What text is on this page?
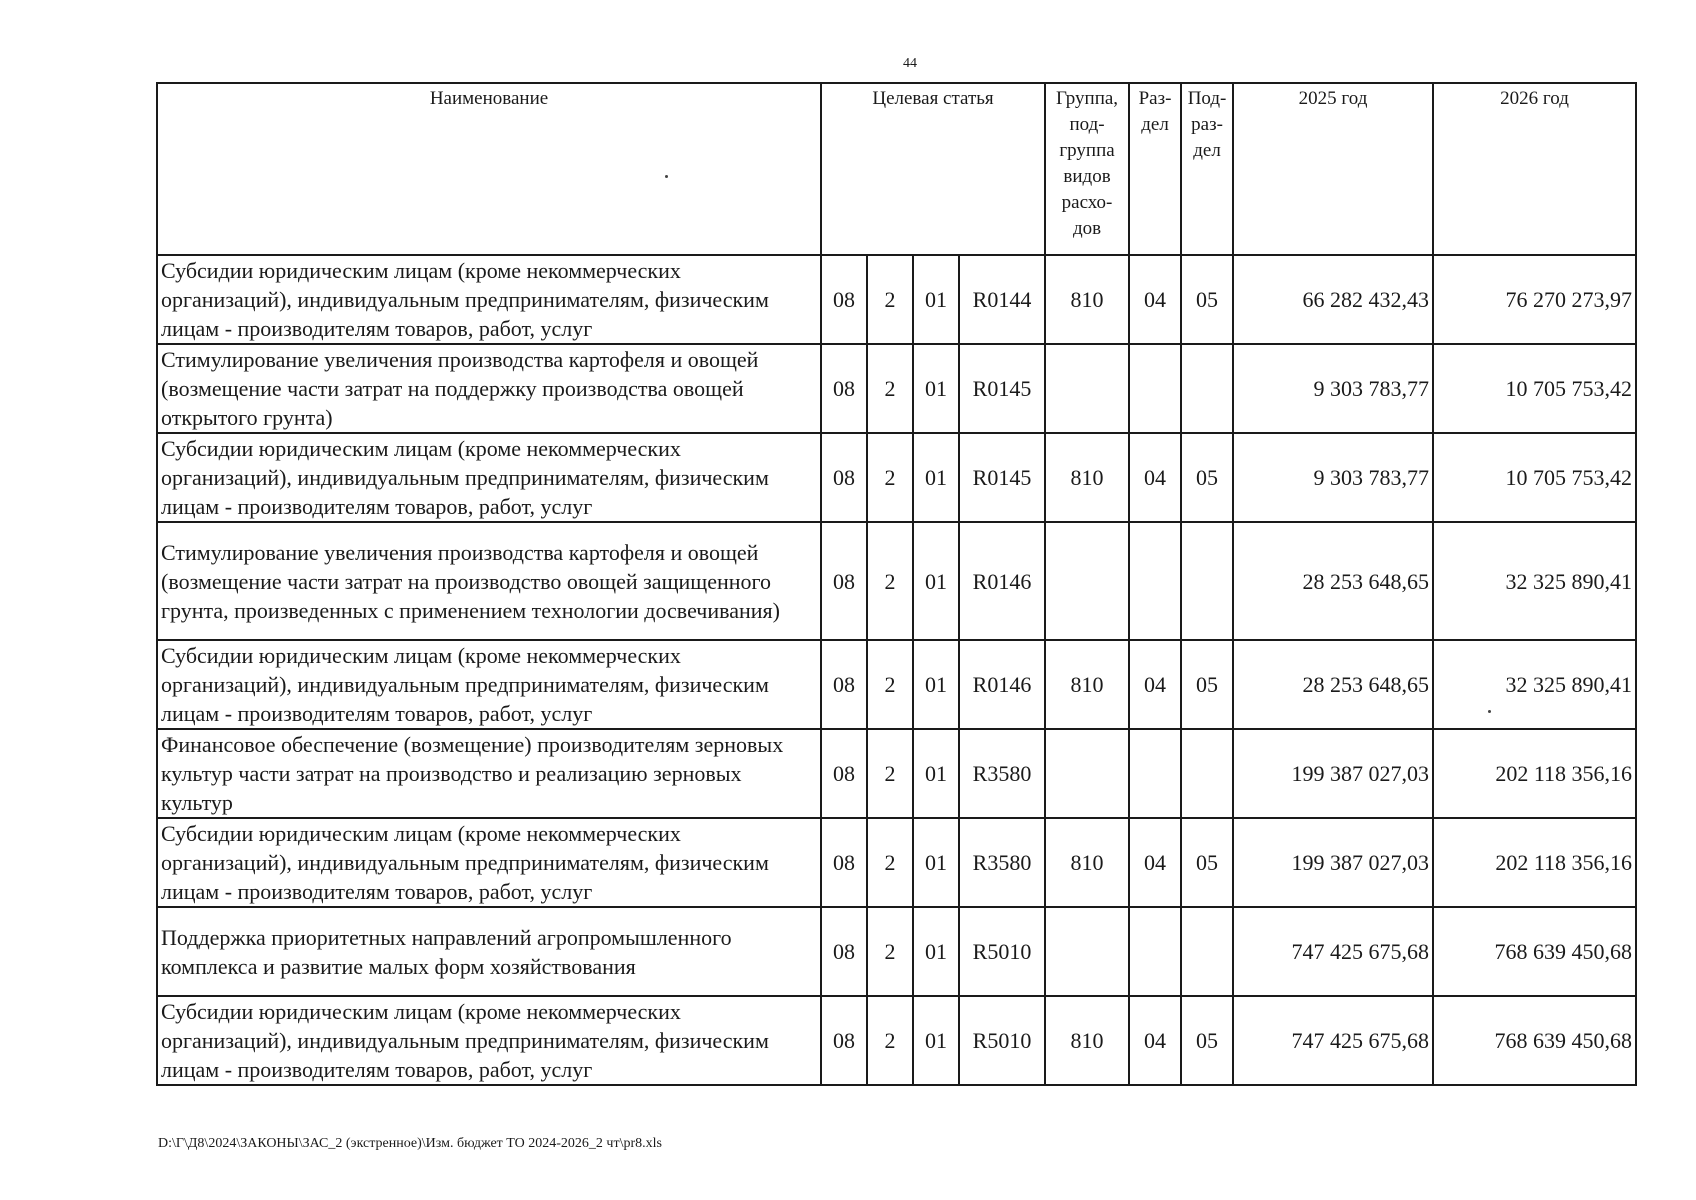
44
Наименование	Целевая статья				Группа, под- группа видов расхо- дов	Раз- дел	Под- раз- дел	2025 год	2026 год
Субсидии юридическим лицам (кроме некоммерческих организаций), индивидуальным предпринимателям, физическим лицам - производителям товаров, работ, услуг	08	2	01	R0144	810	04	05	66 282 432,43	76 270 273,97
Стимулирование увеличения производства картофеля и овощей (возмещение части затрат на поддержку производства овощей открытого грунта)	08	2	01	R0145				9 303 783,77	10 705 753,42
Субсидии юридическим лицам (кроме некоммерческих организаций), индивидуальным предпринимателям, физическим лицам - производителям товаров, работ, услуг	08	2	01	R0145	810	04	05	9 303 783,77	10 705 753,42
Стимулирование увеличения производства картофеля и овощей (возмещение части затрат на производство овощей защищенного грунта, произведенных с применением технологии досвечивания)	08	2	01	R0146				28 253 648,65	32 325 890,41
Субсидии юридическим лицам (кроме некоммерческих организаций), индивидуальным предпринимателям, физическим лицам - производителям товаров, работ, услуг	08	2	01	R0146	810	04	05	28 253 648,65	32 325 890,41
Финансовое обеспечение (возмещение) производителям зерновых культур части затрат на производство и реализацию зерновых культур	08	2	01	R3580				199 387 027,03	202 118 356,16
Субсидии юридическим лицам (кроме некоммерческих организаций), индивидуальным предпринимателям, физическим лицам - производителям товаров, работ, услуг	08	2	01	R3580	810	04	05	199 387 027,03	202 118 356,16
Поддержка приоритетных направлений агропромышленного комплекса и развитие малых форм хозяйствования	08	2	01	R5010				747 425 675,68	768 639 450,68
Субсидии юридическим лицам (кроме некоммерческих организаций), индивидуальным предпринимателям, физическим лицам - производителям товаров, работ, услуг	08	2	01	R5010	810	04	05	747 425 675,68	768 639 450,68
D:\Г\Д8\2024\ЗАКОНЫ\ЗАС_2 (экстренное)\Изм. бюджет ТО 2024-2026_2 чт\pr8.xls
